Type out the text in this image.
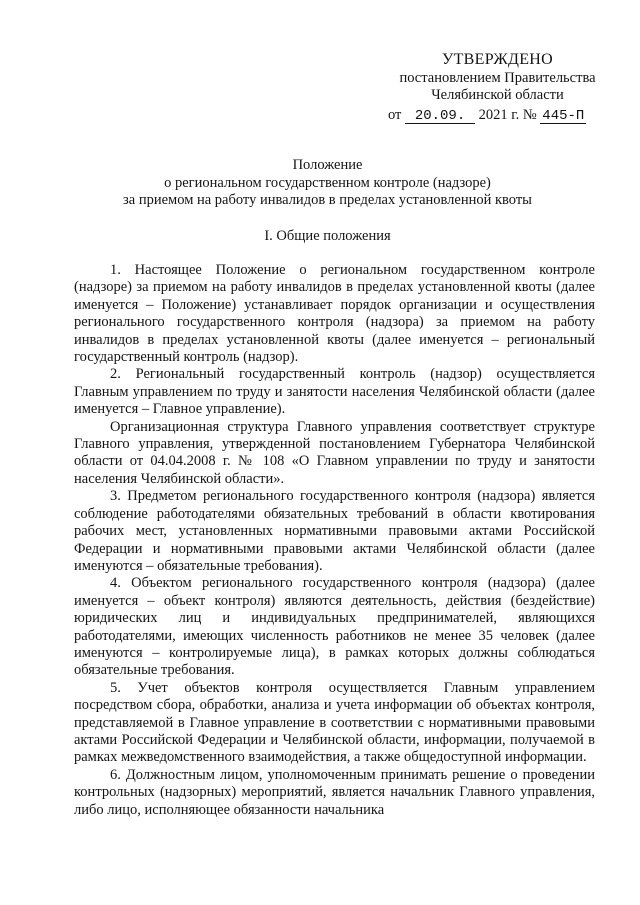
УТВЕРЖДЕНО
постановлением Правительства
Челябинской области
от 20.09. 2021 г. № 445-П
Положение
о региональном государственном контроле (надзоре)
за приемом на работу инвалидов в пределах установленной квоты
I. Общие положения

1. Настоящее Положение о региональном государственном контроле (надзоре) за приемом на работу инвалидов в пределах установленной квоты (далее именуется – Положение) устанавливает порядок организации и осуществления регионального государственного контроля (надзора) за приемом на работу инвалидов в пределах установленной квоты (далее именуется – региональный государственный контроль (надзор).

2. Региональный государственный контроль (надзор) осуществляется Главным управлением по труду и занятости населения Челябинской области (далее именуется – Главное управление).

Организационная структура Главного управления соответствует структуре Главного управления, утвержденной постановлением Губернатора Челябинской области от 04.04.2008 г. № 108 «О Главном управлении по труду и занятости населения Челябинской области».

3. Предметом регионального государственного контроля (надзора) является соблюдение работодателями обязательных требований в области квотирования рабочих мест, установленных нормативными правовыми актами Российской Федерации и нормативными правовыми актами Челябинской области (далее именуются – обязательные требования).

4. Объектом регионального государственного контроля (надзора) (далее именуется – объект контроля) являются деятельность, действия (бездействие) юридических лиц и индивидуальных предпринимателей, являющихся работодателями, имеющих численность работников не менее 35 человек (далее именуются – контролируемые лица), в рамках которых должны соблюдаться обязательные требования.

5. Учет объектов контроля осуществляется Главным управлением посредством сбора, обработки, анализа и учета информации об объектах контроля, представляемой в Главное управление в соответствии с нормативными правовыми актами Российской Федерации и Челябинской области, информации, получаемой в рамках межведомственного взаимодействия, а также общедоступной информации.

6. Должностным лицом, уполномоченным принимать решение о проведении контрольных (надзорных) мероприятий, является начальник Главного управления, либо лицо, исполняющее обязанности начальника
